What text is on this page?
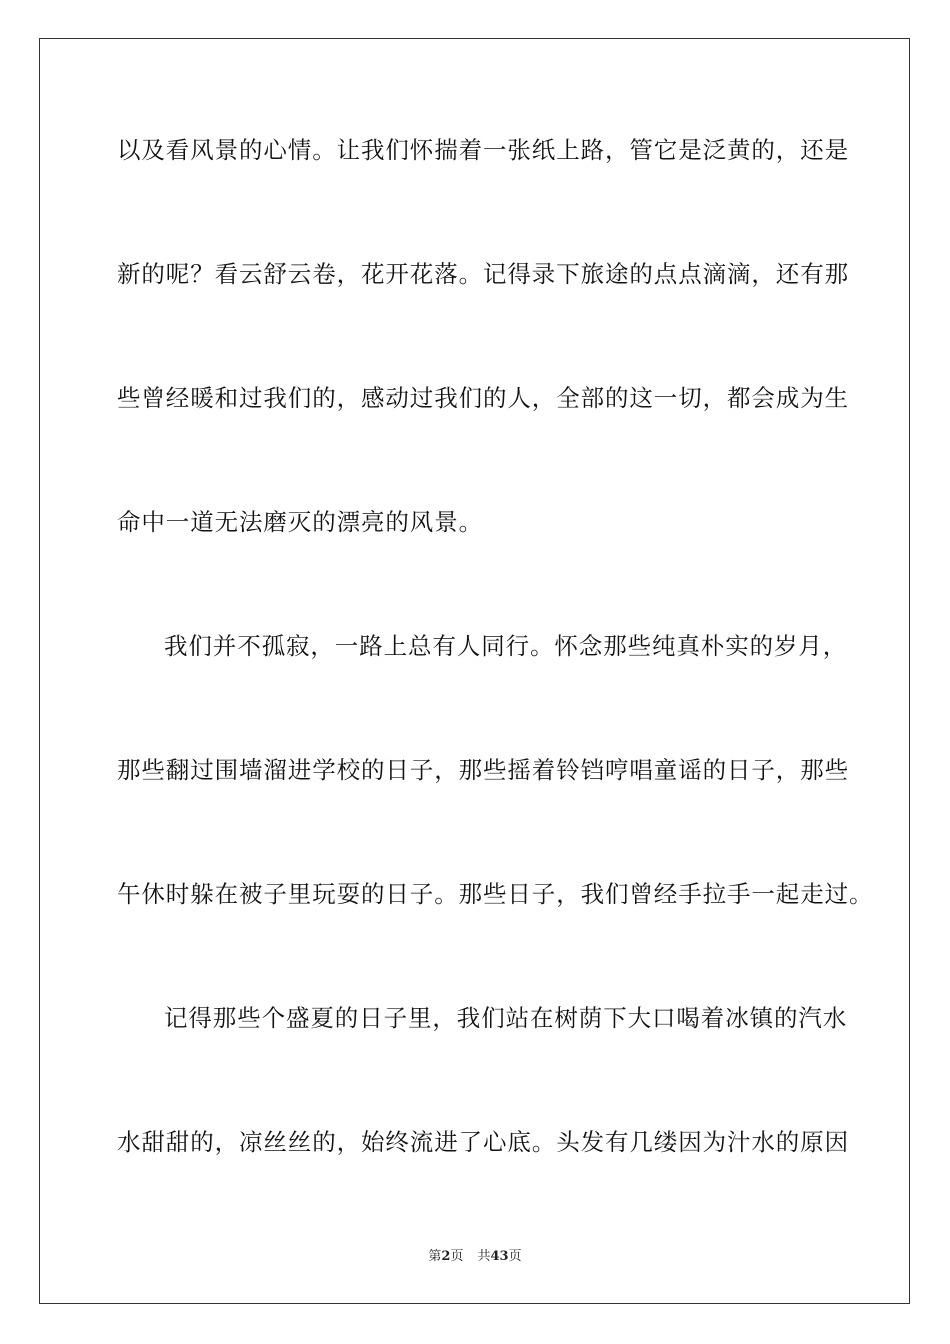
以及看风景的心情。让我们怀揣着一张纸上路，管它是泛黄的，还是
新的呢？看云舒云卷，花开花落。记得录下旅途的点点滴滴，还有那
些曾经暖和过我们的，感动过我们的人，全部的这一切，都会成为生
命中一道无法磨灭的漂亮的风景。
我们并不孤寂，一路上总有人同行。怀念那些纯真朴实的岁月，
那些翻过围墙溜进学校的日子，那些摇着铃铛哼唱童谣的日子，那些
午休时躲在被子里玩耍的日子。那些日子，我们曾经手拉手一起走过。
记得那些个盛夏的日子里，我们站在树荫下大口喝着冰镇的汽水
水甜甜的，凉丝丝的，始终流进了心底。头发有几缕因为汁水的原因
第2页 共43页
